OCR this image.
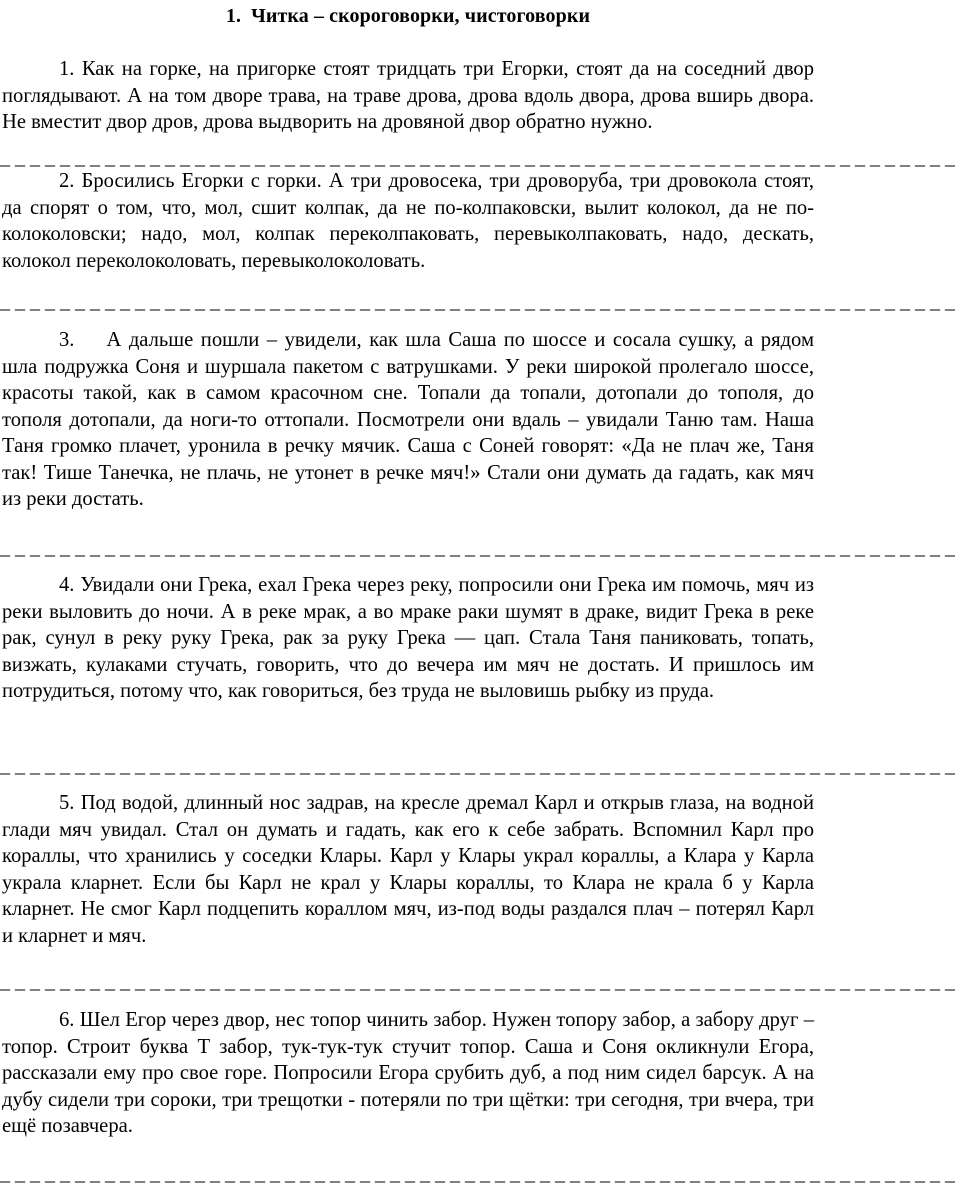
1. Читка – скороговорки, чистоговорки

1. Как на горке, на пригорке стоят тридцать три Егорки, стоят да на соседний двор поглядывают. А на том дворе трава, на траве дрова, дрова вдоль двора, дрова вширь двора. Не вместит двор дров, дрова выдворить на дровяной двор обратно нужно.

_ _ _ _ _ _ _ _ _ _ _ _ _ _ _ _ _ _ _ _ _ _ _ _ _ _ _ _ _ _ _ _ _ _ _ _ _ _ _ _ _ _ _ _ _ _ _ _ _ _ _ _ _ _ _ _ _ _ _ _ _ _ _ _

2. Бросились Егорки с горки. А три дровосека, три дроворуба, три дровокола стоят, да спорят о том, что, мол, сшит колпак, да не по-колпаковски, вылит колокол, да не по-колоколовски; надо, мол, колпак переколпаковать, перевыколпаковать, надо, дескать, колокол переколоколовать, перевыколоколовать.

_ _ _ _ _ _ _ _ _ _ _ _ _ _ _ _ _ _ _ _ _ _ _ _ _ _ _ _ _ _ _ _ _ _ _ _ _ _ _ _ _ _ _ _ _ _ _ _ _ _ _ _ _ _ _ _ _ _ _ _ _ _ _ _

3. А дальше пошли – увидели, как шла Саша по шоссе и сосала сушку, а рядом шла подружка Соня и шуршала пакетом с ватрушками. У реки широкой пролегало шоссе, красоты такой, как в самом красочном сне. Топали да топали, дотопали до тополя, до тополя дотопали, да ноги-то оттопали. Посмотрели они вдаль – увидали Таню там. Наша Таня громко плачет, уронила в речку мячик. Саша с Соней говорят: «Да не плач же, Таня так! Тише Танечка, не плачь, не утонет в речке мяч!» Стали они думать да гадать, как мяч из реки достать.

_ _ _ _ _ _ _ _ _ _ _ _ _ _ _ _ _ _ _ _ _ _ _ _ _ _ _ _ _ _ _ _ _ _ _ _ _ _ _ _ _ _ _ _ _ _ _ _ _ _ _ _ _ _ _ _ _ _ _ _ _ _ _ _

4. Увидали они Грека, ехал Грека через реку, попросили они Грека им помочь, мяч из реки выловить до ночи. А в реке мрак, а во мраке раки шумят в драке, видит Грека в реке рак, сунул в реку руку Грека, рак за руку Грека — цап. Стала Таня паниковать, топать, визжать, кулаками стучать, говорить, что до вечера им мяч не достать. И пришлось им потрудиться, потому что, как говориться, без труда не выловишь рыбку из пруда.

_ _ _ _ _ _ _ _ _ _ _ _ _ _ _ _ _ _ _ _ _ _ _ _ _ _ _ _ _ _ _ _ _ _ _ _ _ _ _ _ _ _ _ _ _ _ _ _ _ _ _ _ _ _ _ _ _ _ _ _ _ _ _ _

5. Под водой, длинный нос задрав, на кресле дремал Карл и открыв глаза, на водной глади мяч увидал. Стал он думать и гадать, как его к себе забрать. Вспомнил Карл про кораллы, что хранились у соседки Клары. Карл у Клары украл кораллы, а Клара у Карла украла кларнет. Если бы Карл не крал у Клары кораллы, то Клара не крала б у Карла кларнет. Не смог Карл подцепить кораллом мяч, из-под воды раздался плач – потерял Карл и кларнет и мяч.

_ _ _ _ _ _ _ _ _ _ _ _ _ _ _ _ _ _ _ _ _ _ _ _ _ _ _ _ _ _ _ _ _ _ _ _ _ _ _ _ _ _ _ _ _ _ _ _ _ _ _ _ _ _ _ _ _ _ _ _ _ _ _ _

6. Шел Егор через двор, нес топор чинить забор. Нужен топору забор, а забору друг – топор. Строит буква Т забор, тук-тук-тук стучит топор. Саша и Соня окликнули Егора, рассказали ему про свое горе. Попросили Егора срубить дуб, а под ним сидел барсук. А на дубу сидели три сороки, три трещотки - потеряли по три щётки: три сегодня, три вчера, три ещё позавчера.

_ _ _ _ _ _ _ _ _ _ _ _ _ _ _ _ _ _ _ _ _ _ _ _ _ _ _ _ _ _ _ _ _ _ _ _ _ _ _ _ _ _ _ _ _ _ _ _ _ _ _ _ _ _ _ _ _ _ _ _ _ _ _ _
